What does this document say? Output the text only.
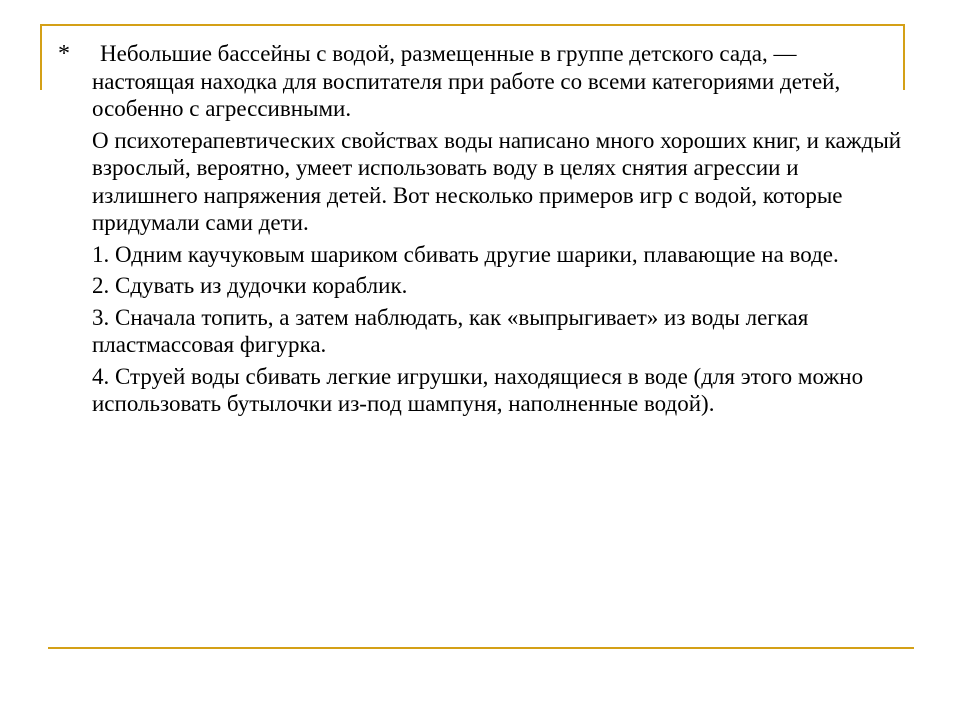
*	Небольшие бассейны с водой, размещенные в группе детского сада, — настоящая находка для воспитателя при работе со всеми категориями детей, особенно с агрессивными.

О психотерапевтических свойствах воды написано много хороших книг, и каждый взрослый, вероятно, умеет использовать воду в целях снятия агрессии и излишнего напряжения детей. Вот несколько примеров игр с водой, которые придумали сами дети.

1. Одним каучуковым шариком сбивать другие шарики, плавающие на воде.

2. Сдувать из дудочки кораблик.

3. Сначала топить, а затем наблюдать, как «выпрыгивает» из воды легкая пластмассовая фигурка.

4. Струей воды сбивать легкие игрушки, находящиеся в воде (для этого можно использовать бутылочки из-под шампуня, наполненные водой).
